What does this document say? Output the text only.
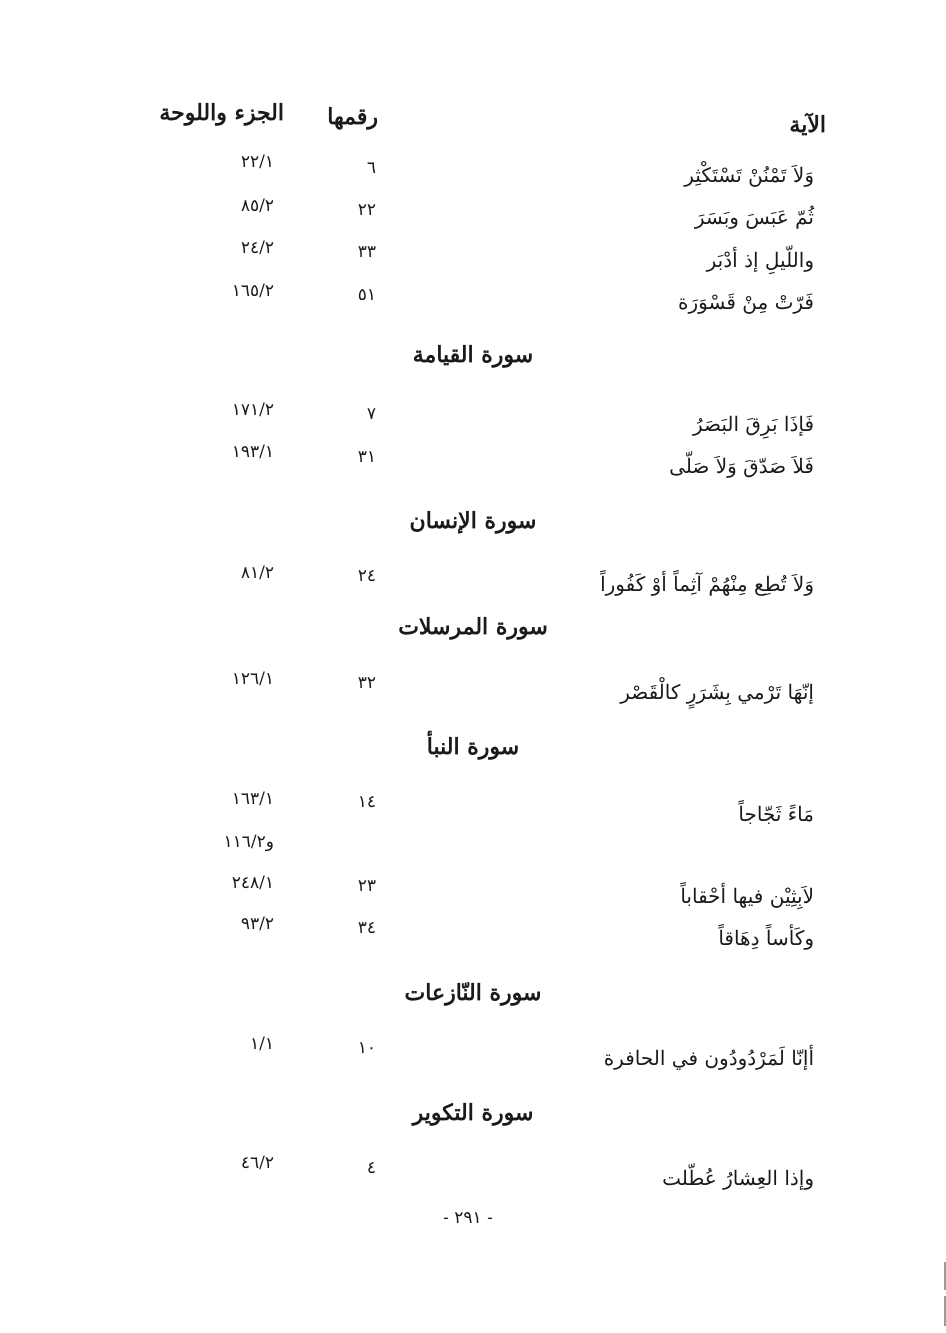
الآية
رقمها
الجزء واللوحة
وَلاَ تَمْنُنْ تَسْتَكْثِر
٦
٢٢/١
ثُمّ عَبَسَ وبَسَرَ
٢٢
٨٥/٢
واللّيلِ إذ أدْبَر
٣٣
٢٤/٢
فَرّتْ مِنْ قَسْوَرَة
٥١
١٦٥/٢
سورة القيامة
فَإذَا بَرِقَ البَصَرُ
٧
١٧١/٢
فَلاَ صَدّقَ وَلاَ صَلّى
٣١
١٩٣/١
سورة الإنسان
وَلاَ تُطِع مِنْهُمْ آثِماً أوْ كَفُوراً
٢٤
٨١/٢
سورة المرسلات
إنّهَا تَرْمي بِشَرَرٍ كالْقَصْر
٣٢
١٢٦/١
سورة النبأ
مَاءً ثَجّاجاً
١٤
١٦٣/١
و١١٦/٢
لاَبِثِيْن فيها أحْقاباً
٢٣
٢٤٨/١
وكَأساً دِهَاقاً
٣٤
٩٣/٢
سورة النّازعات
أإنّا لَمَرْدُودُون في الحافرة
١٠
١/١
سورة التكوير
وإذا العِشارُ عُطّلت
٤
٤٦/٢
- ٢٩١ -
